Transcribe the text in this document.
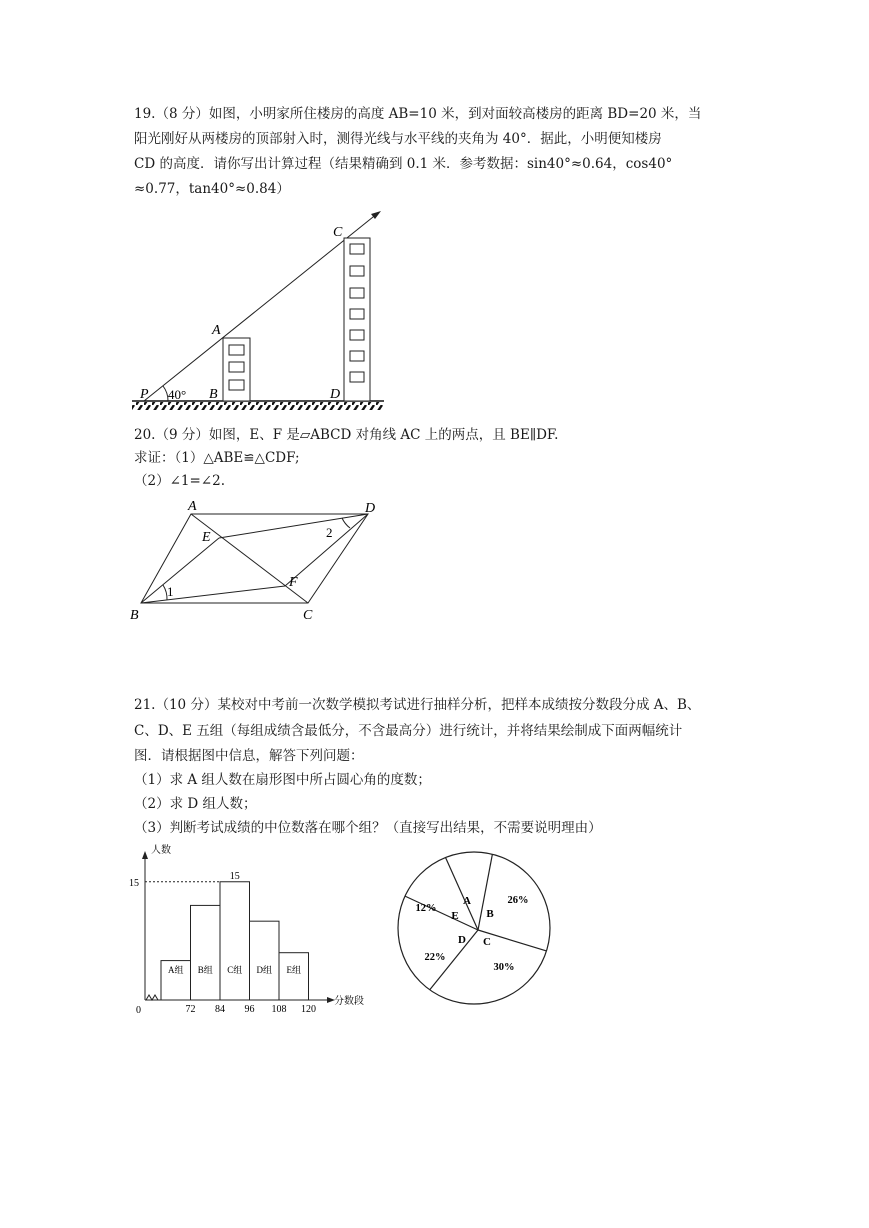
19.（8 分）如图，小明家所住楼房的高度 AB=10 米，到对面较高楼房的距离 BD=20 米，当
阳光刚好从两楼房的顶部射入时，测得光线与水平线的夹角为 40°．据此，小明便知楼房
CD 的高度．请你写出计算过程（结果精确到 0.1 米．参考数据：sin40°≈0.64，cos40°
≈0.77，tan40°≈0.84）
C
A
P 40° B	D
20.（9 分）如图，E、F 是▱ABCD 对角线 AC 上的两点，且 BE∥DF.
求证：（1）△ABE≌△CDF;
（2）∠1=∠2.
A	D
E
F
B	C
1
2
21.（10 分）某校对中考前一次数学模拟考试进行抽样分析，把样本成绩按分数段分成 A、B、
C、D、E 五组（每组成绩含最低分，不含最高分）进行统计，并将结果绘制成下面两幅统计
图．请根据图中信息，解答下列问题：
（1）求 A 组人数在扇形图中所占圆心角的度数；
（2）求 D 组人数；
（3）判断考试成绩的中位数落在哪个组？（直接写出结果，不需要说明理由）
人数
分数段
0
15
A组 B组 C组
15
D组 E组
72 84 96 108 120
A
B
C
D
E
26%
30%
22%
12%
